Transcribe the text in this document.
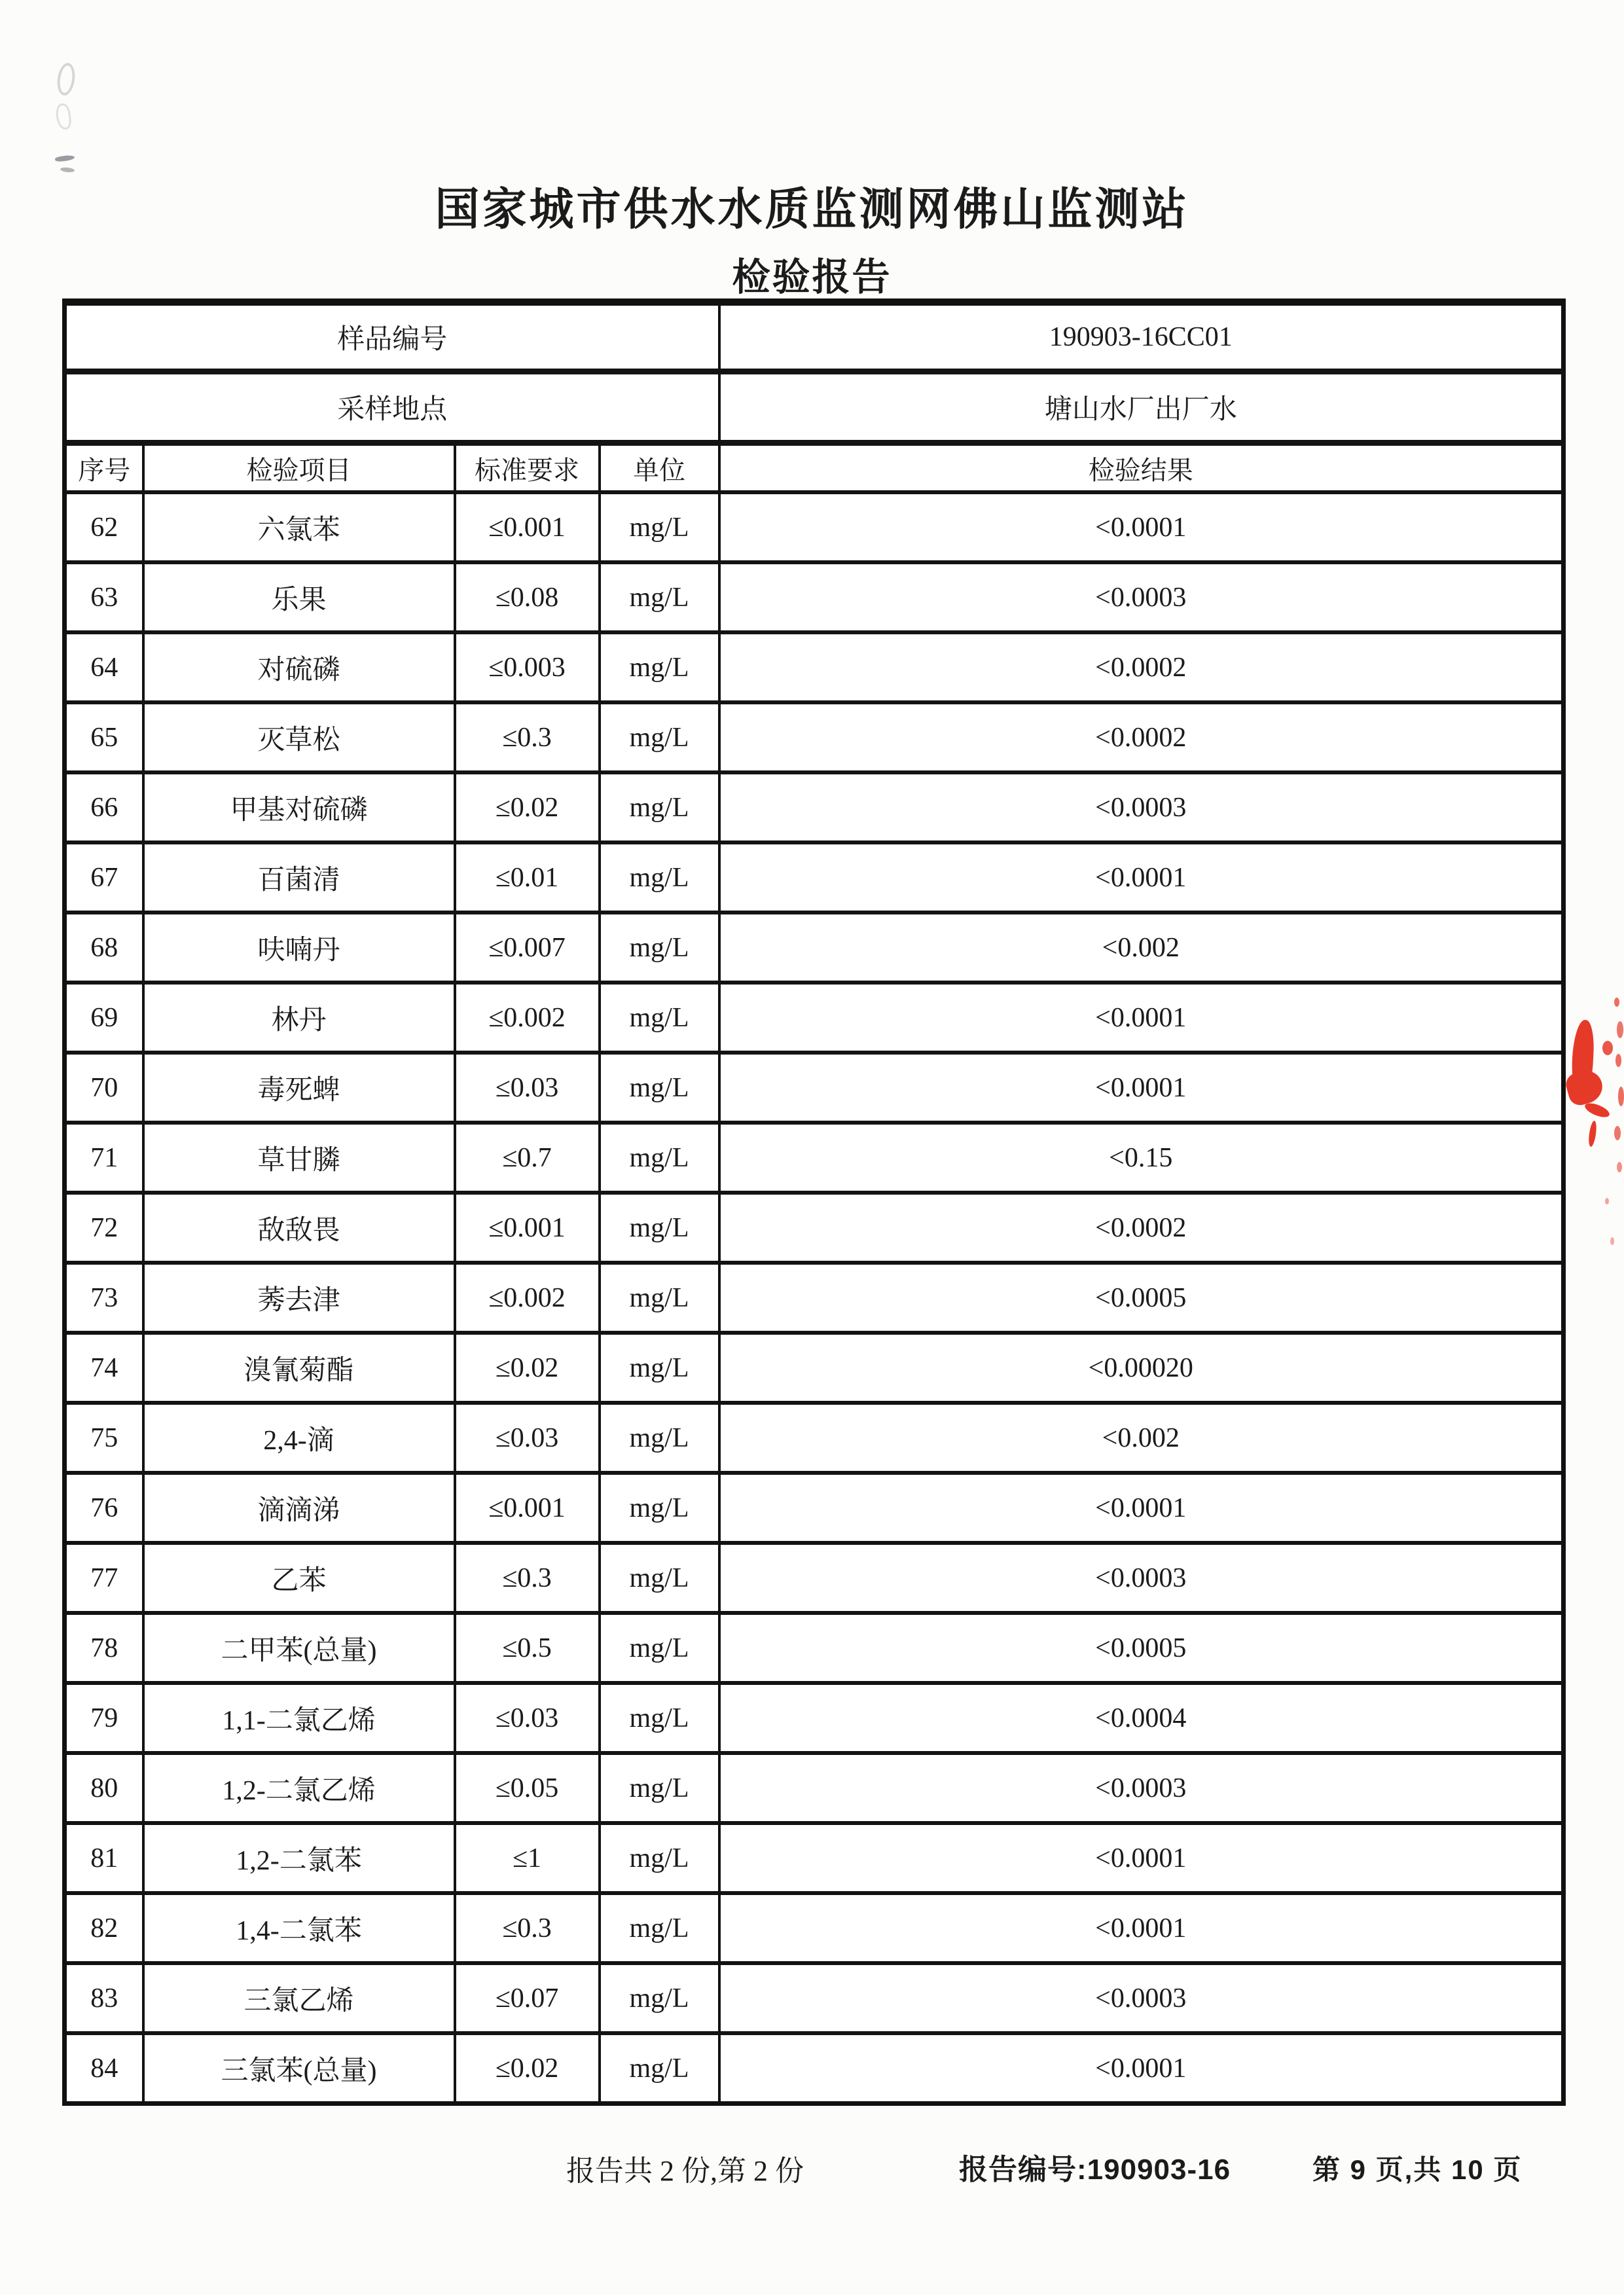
国家城市供水水质监测网佛山监测站
检验报告
样品编号				190903-16CC01
采样地点				塘山水厂出厂水
序号	检验项目	标准要求	单位	检验结果
62	六氯苯	≤0.001	mg/L	<0.0001
63	乐果	≤0.08	mg/L	<0.0003
64	对硫磷	≤0.003	mg/L	<0.0002
65	灭草松	≤0.3	mg/L	<0.0002
66	甲基对硫磷	≤0.02	mg/L	<0.0003
67	百菌清	≤0.01	mg/L	<0.0001
68	呋喃丹	≤0.007	mg/L	<0.002
69	林丹	≤0.002	mg/L	<0.0001
70	毒死蜱	≤0.03	mg/L	<0.0001
71	草甘膦	≤0.7	mg/L	<0.15
72	敌敌畏	≤0.001	mg/L	<0.0002
73	莠去津	≤0.002	mg/L	<0.0005
74	溴氰菊酯	≤0.02	mg/L	<0.00020
75	2,4-滴	≤0.03	mg/L	<0.002
76	滴滴涕	≤0.001	mg/L	<0.0001
77	乙苯	≤0.3	mg/L	<0.0003
78	二甲苯(总量)	≤0.5	mg/L	<0.0005
79	1,1-二氯乙烯	≤0.03	mg/L	<0.0004
80	1,2-二氯乙烯	≤0.05	mg/L	<0.0003
81	1,2-二氯苯	≤1	mg/L	<0.0001
82	1,4-二氯苯	≤0.3	mg/L	<0.0001
83	三氯乙烯	≤0.07	mg/L	<0.0003
84	三氯苯(总量)	≤0.02	mg/L	<0.0001
报告共 2 份,第 2 份	报告编号:190903-16	第 9 页,共 10 页
